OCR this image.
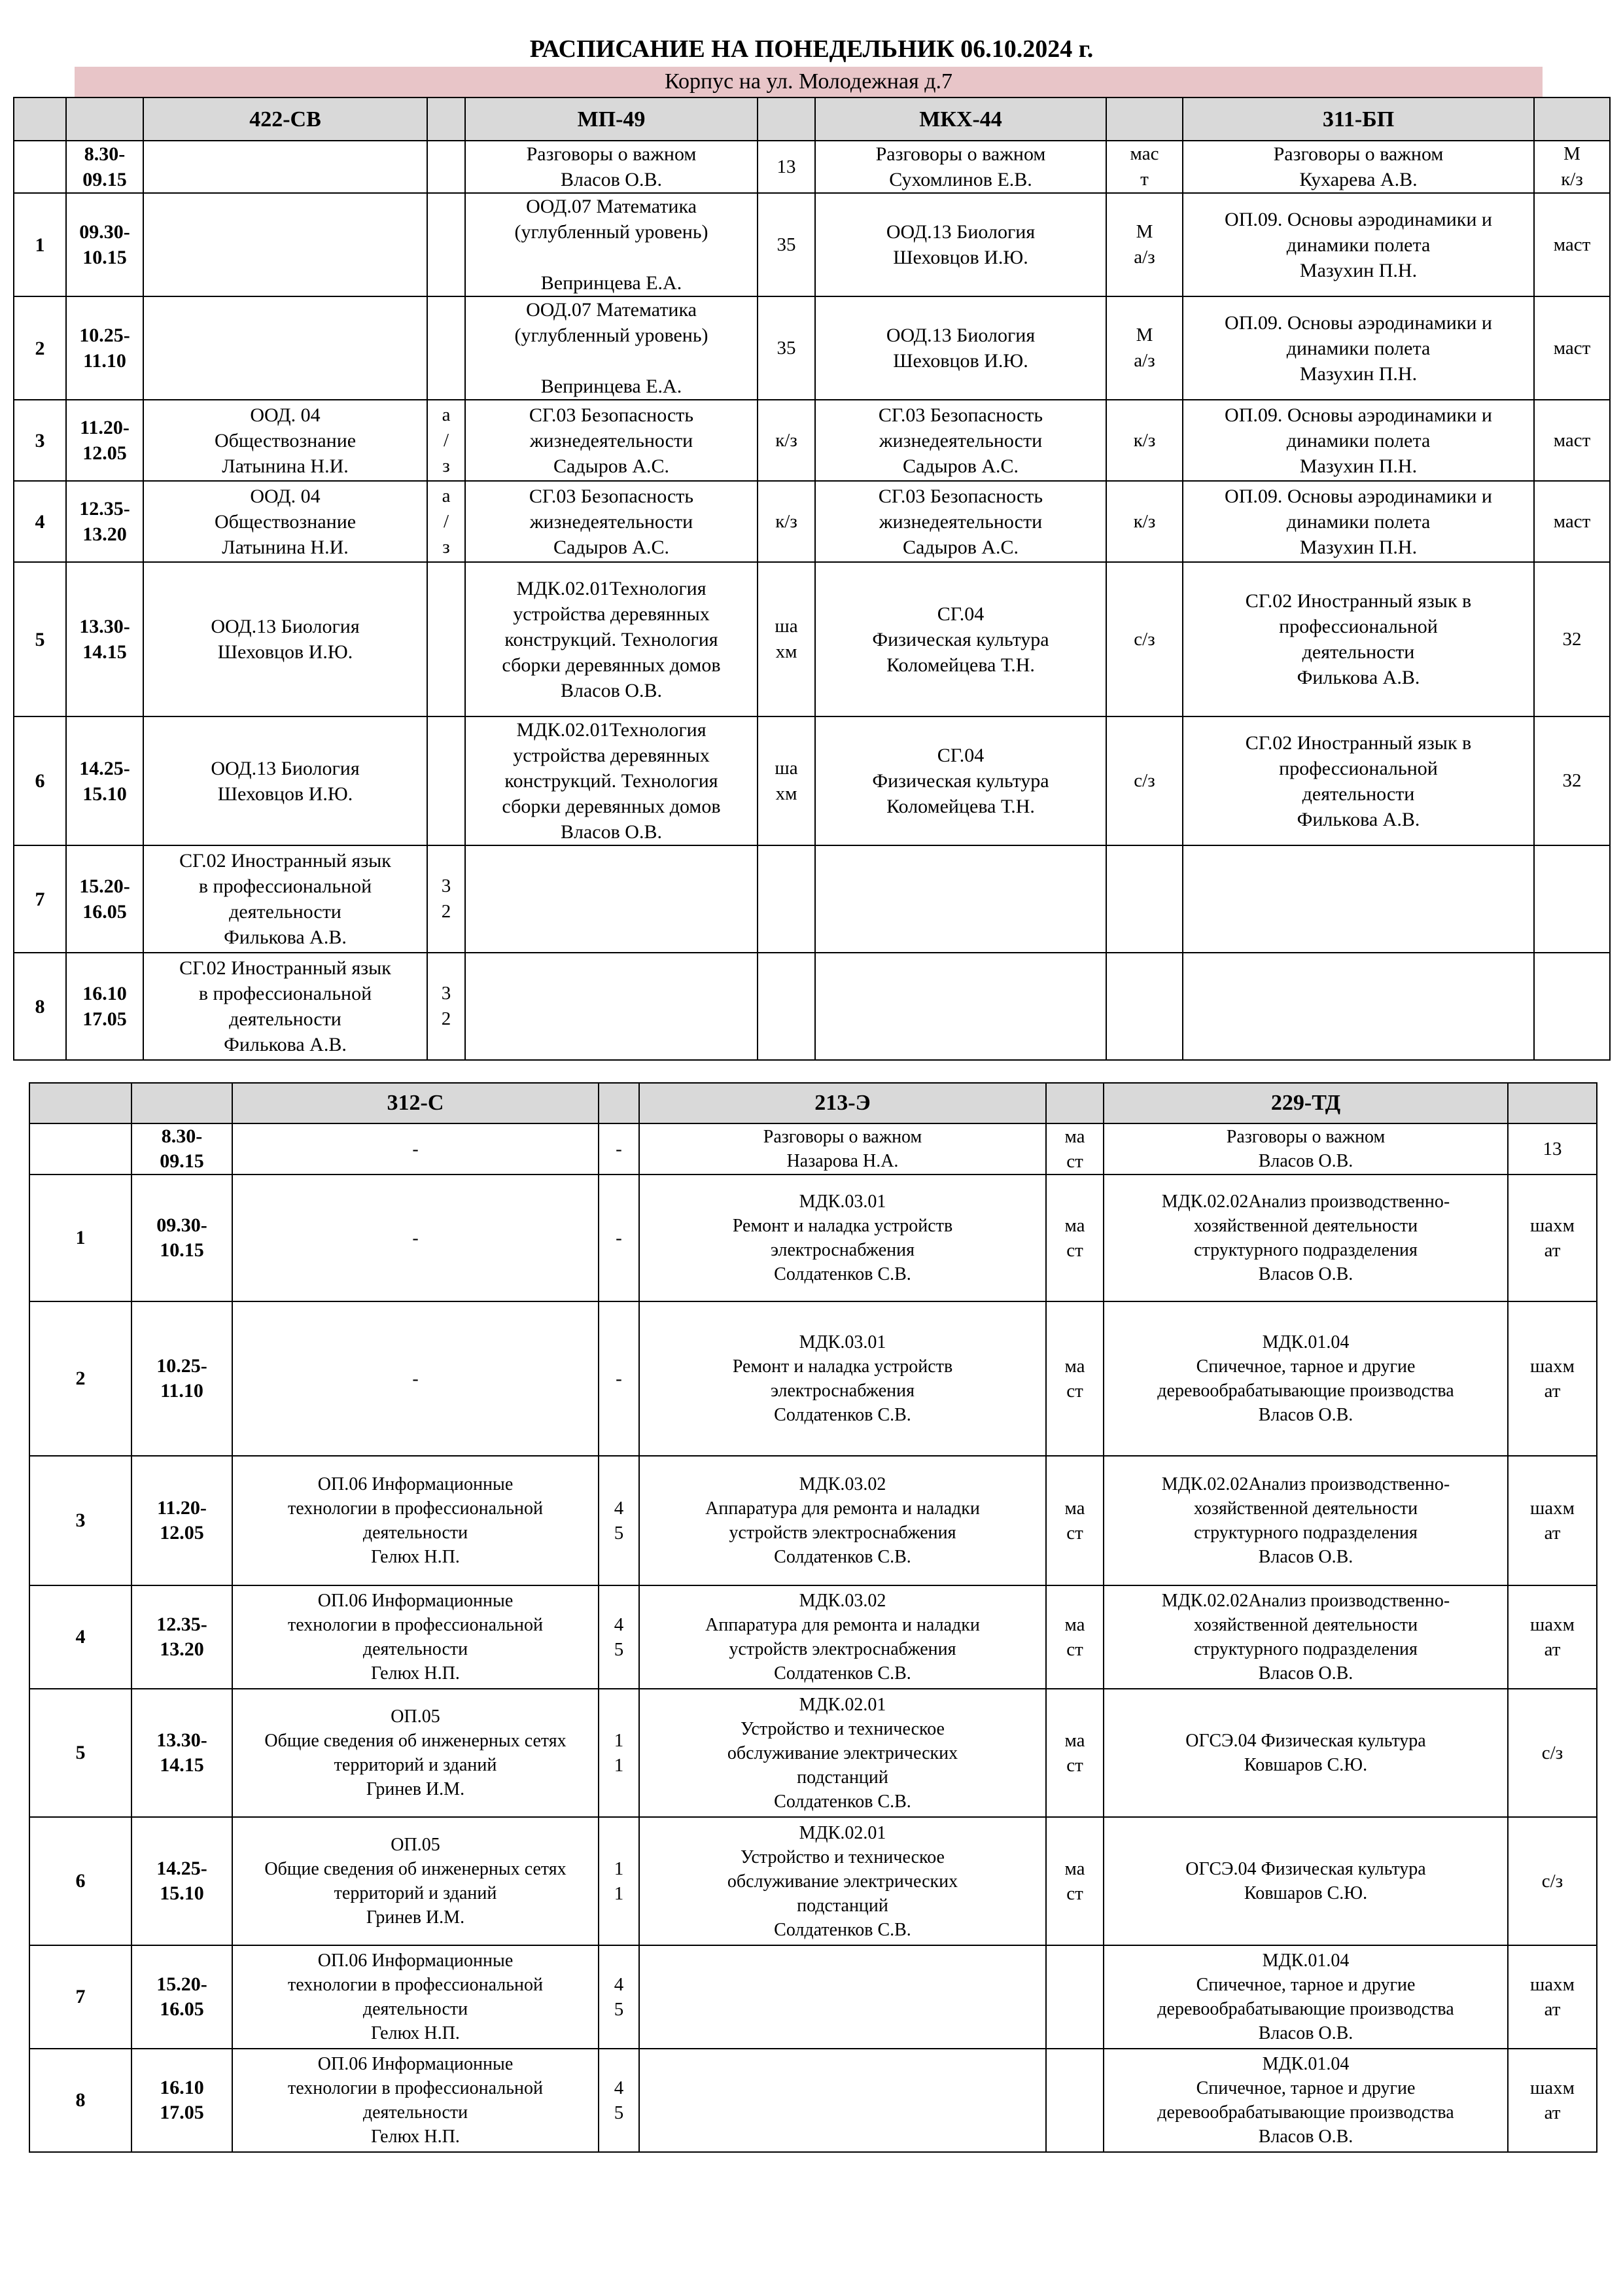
РАСПИСАНИЕ НА ПОНЕДЕЛЬНИК 06.10.2024 г.
Корпус на ул. Молодежная д.7
		422-СВ		МП-49		МКХ-44		311-БП	
	8.30-
09.15			Разговоры о важном
Власов О.В.	13	Разговоры о важном
Сухомлинов Е.В.	мас
т	Разговоры о важном
Кухарева А.В.	М
к/з
1	09.30-
10.15			ООД.07 Математика
(углубленный уровень)

Вепринцева Е.А.	35	ООД.13 Биология
Шеховцов И.Ю.	М
а/з	ОП.09. Основы аэродинамики и
динамики полета
Мазухин П.Н.	маст
2	10.25-
11.10			ООД.07 Математика
(углубленный уровень)

Вепринцева Е.А.	35	ООД.13 Биология
Шеховцов И.Ю.	М
а/з	ОП.09. Основы аэродинамики и
динамики полета
Мазухин П.Н.	маст
3	11.20-
12.05	ООД. 04
Обществознание
Латынина Н.И.	а
/
з	СГ.03 Безопасность
жизнедеятельности
Садыров А.С.	к/з	СГ.03 Безопасность
жизнедеятельности
Садыров А.С.	к/з	ОП.09. Основы аэродинамики и
динамики полета
Мазухин П.Н.	маст
4	12.35-
13.20	ООД. 04
Обществознание
Латынина Н.И.	а
/
з	СГ.03 Безопасность
жизнедеятельности
Садыров А.С.	к/з	СГ.03 Безопасность
жизнедеятельности
Садыров А.С.	к/з	ОП.09. Основы аэродинамики и
динамики полета
Мазухин П.Н.	маст
5	13.30-
14.15	ООД.13 Биология
Шеховцов И.Ю.		МДК.02.01Технология
устройства деревянных
конструкций. Технология
сборки деревянных домов
Власов О.В.	ша
хм	СГ.04
Физическая культура
Коломейцева Т.Н.	с/з	СГ.02 Иностранный язык в
профессиональной
деятельности
Филькова А.В.	32
6	14.25-
15.10	ООД.13 Биология
Шеховцов И.Ю.		МДК.02.01Технология
устройства деревянных
конструкций. Технология
сборки деревянных домов
Власов О.В.	ша
хм	СГ.04
Физическая культура
Коломейцева Т.Н.	с/з	СГ.02 Иностранный язык в
профессиональной
деятельности
Филькова А.В.	32
7	15.20-
16.05	СГ.02 Иностранный язык
в профессиональной
деятельности
Филькова А.В.	3
2						
8	16.10
17.05	СГ.02 Иностранный язык
в профессиональной
деятельности
Филькова А.В.	3
2						
		312-С		213-Э		229-ТД	
	8.30-
09.15	-	-	Разговоры о важном
Назарова Н.А.	ма
ст	Разговоры о важном
Власов О.В.	13
1	09.30-
10.15	-	-	МДК.03.01
Ремонт и наладка устройств
электроснабжения
Солдатенков С.В.	ма
ст	МДК.02.02Анализ производственно-
хозяйственной деятельности
структурного подразделения
Власов О.В.	шахм
ат
2	10.25-
11.10	-	-	МДК.03.01
Ремонт и наладка устройств
электроснабжения
Солдатенков С.В.	ма
ст	МДК.01.04
Спичечное, тарное и другие
деревообрабатывающие производства
Власов О.В.	шахм
ат
3	11.20-
12.05	ОП.06 Информационные
технологии в профессиональной
деятельности
Гелюх Н.П.	4
5	МДК.03.02
Аппаратура для ремонта и наладки
устройств электроснабжения
Солдатенков С.В.	ма
ст	МДК.02.02Анализ производственно-
хозяйственной деятельности
структурного подразделения
Власов О.В.	шахм
ат
4	12.35-
13.20	ОП.06 Информационные
технологии в профессиональной
деятельности
Гелюх Н.П.	4
5	МДК.03.02
Аппаратура для ремонта и наладки
устройств электроснабжения
Солдатенков С.В.	ма
ст	МДК.02.02Анализ производственно-
хозяйственной деятельности
структурного подразделения
Власов О.В.	шахм
ат
5	13.30-
14.15	ОП.05
Общие сведения об инженерных сетях
территорий и зданий
Гринев И.М.	1
1	МДК.02.01
Устройство и техническое
обслуживание электрических
подстанций
Солдатенков С.В.	ма
ст	ОГСЭ.04 Физическая культура
Ковшаров С.Ю.	с/з
6	14.25-
15.10	ОП.05
Общие сведения об инженерных сетях
территорий и зданий
Гринев И.М.	1
1	МДК.02.01
Устройство и техническое
обслуживание электрических
подстанций
Солдатенков С.В.	ма
ст	ОГСЭ.04 Физическая культура
Ковшаров С.Ю.	с/з
7	15.20-
16.05	ОП.06 Информационные
технологии в профессиональной
деятельности
Гелюх Н.П.	4
5			МДК.01.04
Спичечное, тарное и другие
деревообрабатывающие производства
Власов О.В.	шахм
ат
8	16.10
17.05	ОП.06 Информационные
технологии в профессиональной
деятельности
Гелюх Н.П.	4
5			МДК.01.04
Спичечное, тарное и другие
деревообрабатывающие производства
Власов О.В.	шахм
ат
